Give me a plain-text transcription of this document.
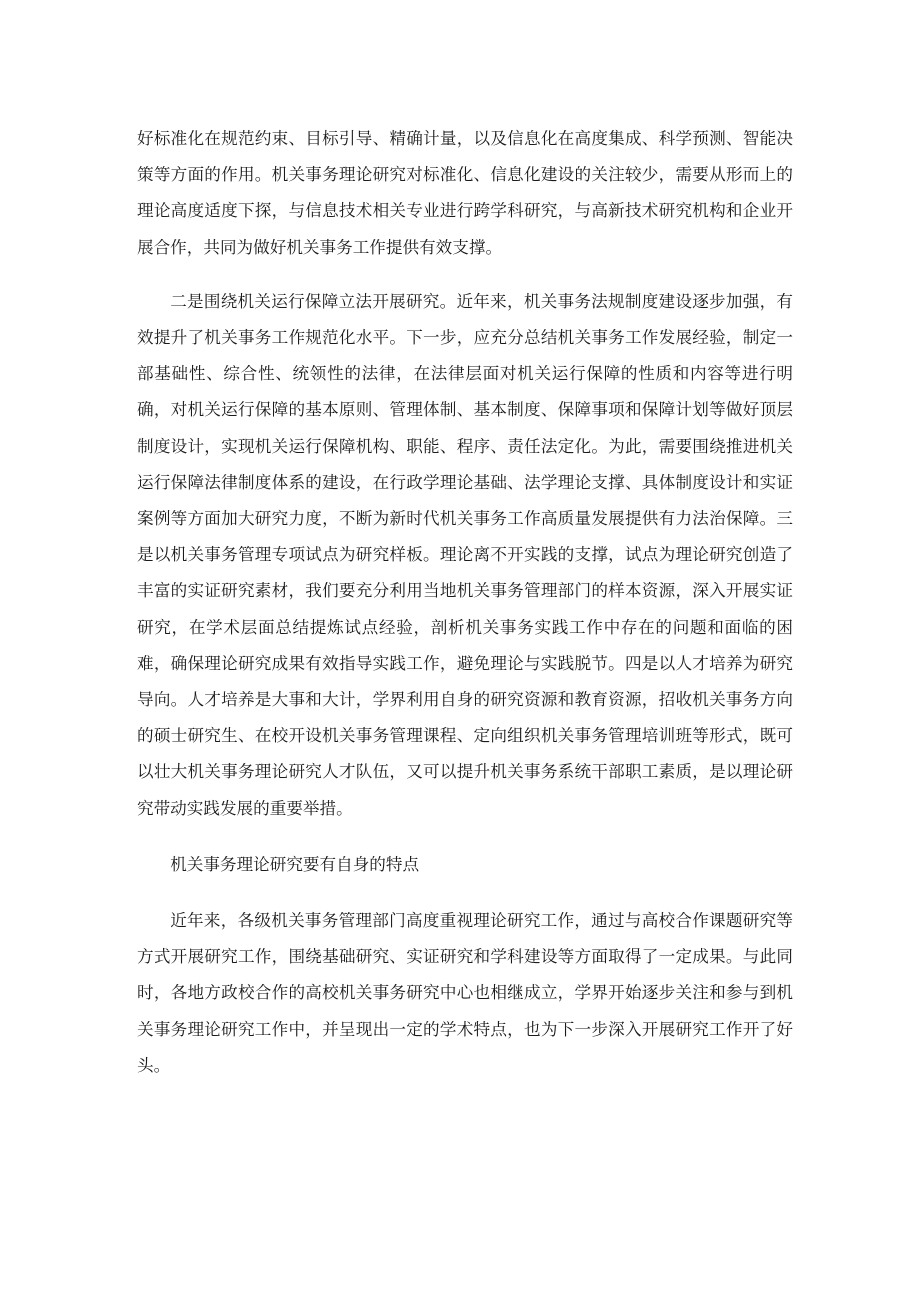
好标准化在规范约束、目标引导、精确计量，以及信息化在高度集成、科学预测、智能决策等方面的作用。机关事务理论研究对标准化、信息化建设的关注较少，需要从形而上的理论高度适度下探，与信息技术相关专业进行跨学科研究，与高新技术研究机构和企业开展合作，共同为做好机关事务工作提供有效支撑。

二是围绕机关运行保障立法开展研究。近年来，机关事务法规制度建设逐步加强，有效提升了机关事务工作规范化水平。下一步，应充分总结机关事务工作发展经验，制定一部基础性、综合性、统领性的法律，在法律层面对机关运行保障的性质和内容等进行明确，对机关运行保障的基本原则、管理体制、基本制度、保障事项和保障计划等做好顶层制度设计，实现机关运行保障机构、职能、程序、责任法定化。为此，需要围绕推进机关运行保障法律制度体系的建设，在行政学理论基础、法学理论支撑、具体制度设计和实证案例等方面加大研究力度，不断为新时代机关事务工作高质量发展提供有力法治保障。三是以机关事务管理专项试点为研究样板。理论离不开实践的支撑，试点为理论研究创造了丰富的实证研究素材，我们要充分利用当地机关事务管理部门的样本资源，深入开展实证研究，在学术层面总结提炼试点经验，剖析机关事务实践工作中存在的问题和面临的困难，确保理论研究成果有效指导实践工作，避免理论与实践脱节。四是以人才培养为研究导向。人才培养是大事和大计，学界利用自身的研究资源和教育资源，招收机关事务方向的硕士研究生、在校开设机关事务管理课程、定向组织机关事务管理培训班等形式，既可以壮大机关事务理论研究人才队伍，又可以提升机关事务系统干部职工素质，是以理论研究带动实践发展的重要举措。

机关事务理论研究要有自身的特点

近年来，各级机关事务管理部门高度重视理论研究工作，通过与高校合作课题研究等方式开展研究工作，围绕基础研究、实证研究和学科建设等方面取得了一定成果。与此同时，各地方政校合作的高校机关事务研究中心也相继成立，学界开始逐步关注和参与到机关事务理论研究工作中，并呈现出一定的学术特点，也为下一步深入开展研究工作开了好头。
